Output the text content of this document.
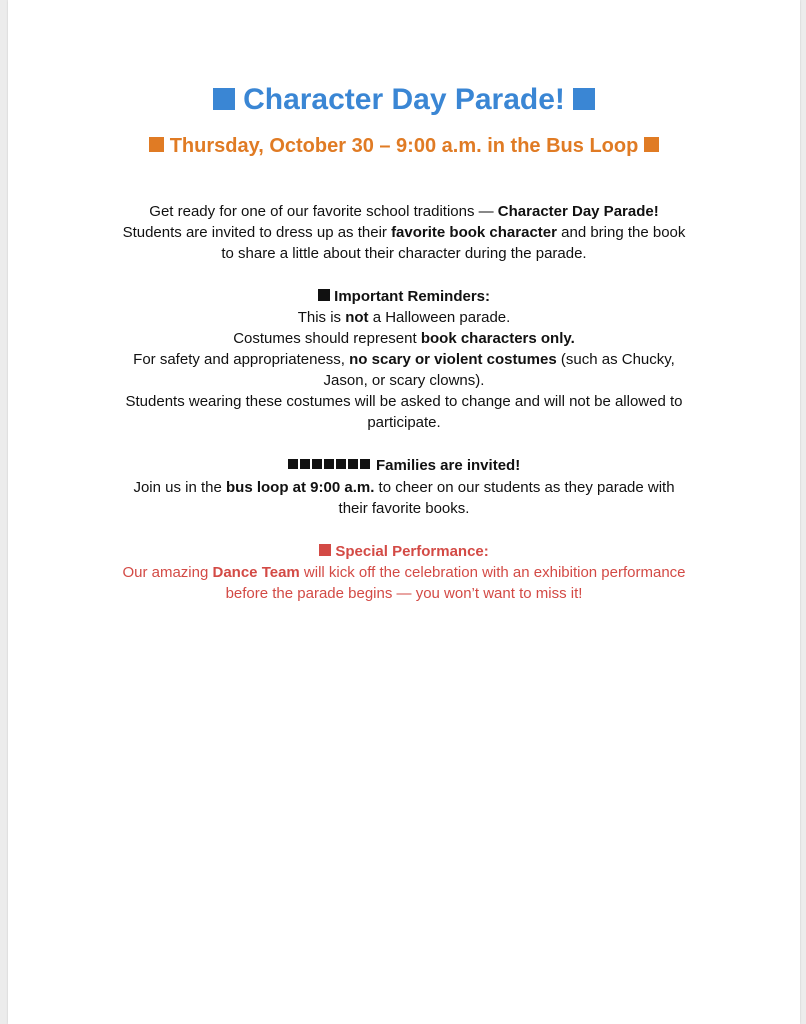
Character Day Parade!
Thursday, October 30 – 9:00 a.m. in the Bus Loop

Get ready for one of our favorite school traditions — Character Day Parade!
Students are invited to dress up as their favorite book character and bring the book
to share a little about their character during the parade.

Important Reminders:
This is not a Halloween parade.
Costumes should represent book characters only.
For safety and appropriateness, no scary or violent costumes (such as Chucky,
Jason, or scary clowns).
Students wearing these costumes will be asked to change and will not be allowed to
participate.

Families are invited!
Join us in the bus loop at 9:00 a.m. to cheer on our students as they parade with
their favorite books.

Special Performance:
Our amazing Dance Team will kick off the celebration with an exhibition performance
before the parade begins — you won’t want to miss it!
